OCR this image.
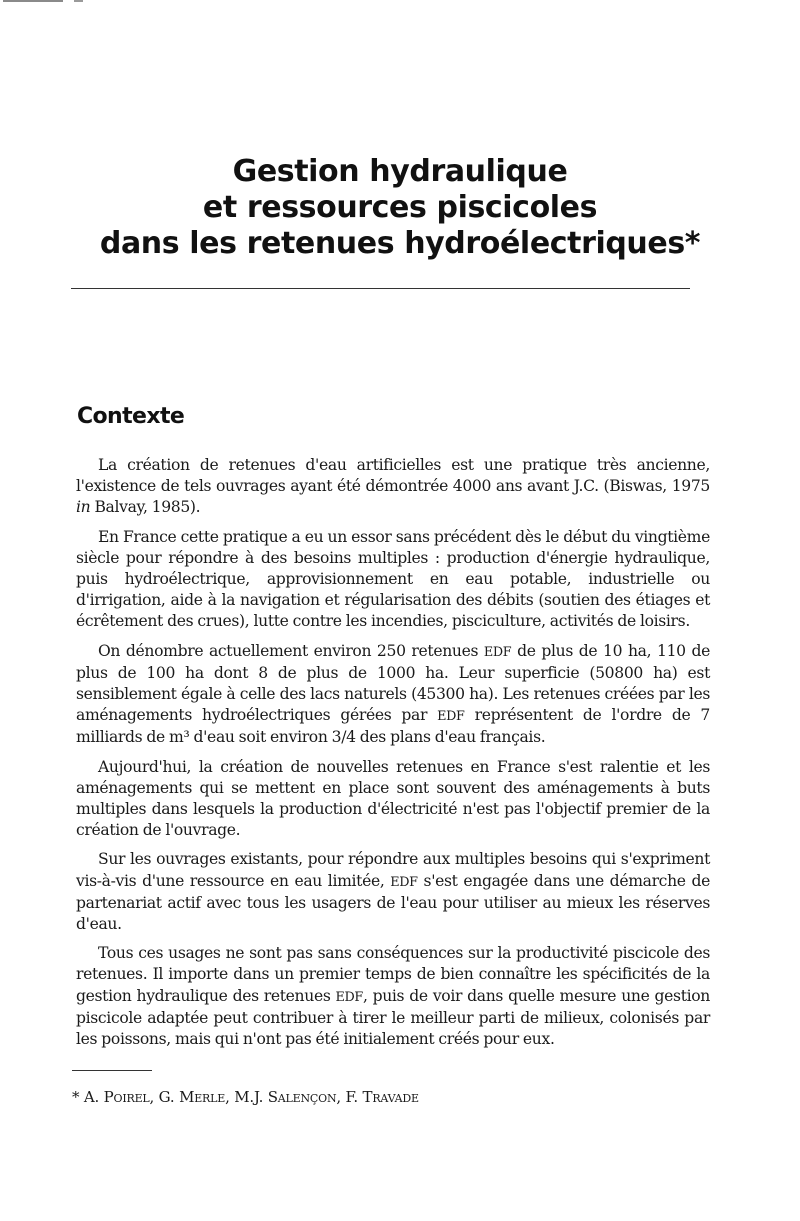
Gestion hydraulique
et ressources piscicoles
dans les retenues hydroélectriques*
Contexte

La création de retenues d'eau artificielles est une pratique très ancienne, l'existence de tels ouvrages ayant été démontrée 4000 ans avant J.C. (Biswas, 1975 in Balvay, 1985).

En France cette pratique a eu un essor sans précédent dès le début du vingtième siècle pour répondre à des besoins multiples : production d'énergie hydraulique, puis hydroélectrique, approvisionnement en eau potable, industrielle ou d'irrigation, aide à la navigation et régularisation des débits (soutien des étiages et écrêtement des crues), lutte contre les incendies, pisciculture, activités de loisirs.

On dénombre actuellement environ 250 retenues EDF de plus de 10 ha, 110 de plus de 100 ha dont 8 de plus de 1000 ha. Leur superficie (50800 ha) est sensiblement égale à celle des lacs naturels (45300 ha). Les retenues créées par les aménagements hydroélectriques gérées par EDF représentent de l'ordre de 7 milliards de m³ d'eau soit environ 3/4 des plans d'eau français.

Aujourd'hui, la création de nouvelles retenues en France s'est ralentie et les aménagements qui se mettent en place sont souvent des aménagements à buts multiples dans lesquels la production d'électricité n'est pas l'objectif premier de la création de l'ouvrage.

Sur les ouvrages existants, pour répondre aux multiples besoins qui s'expriment vis-à-vis d'une ressource en eau limitée, EDF s'est engagée dans une démarche de partenariat actif avec tous les usagers de l'eau pour utiliser au mieux les réserves d'eau.

Tous ces usages ne sont pas sans conséquences sur la productivité piscicole des retenues. Il importe dans un premier temps de bien connaître les spécificités de la gestion hydraulique des retenues EDF, puis de voir dans quelle mesure une gestion piscicole adaptée peut contribuer à tirer le meilleur parti de milieux, colonisés par les poissons, mais qui n'ont pas été initialement créés pour eux.

* A. Poirel, G. Merle, M.J. Salençon, F. Travade
